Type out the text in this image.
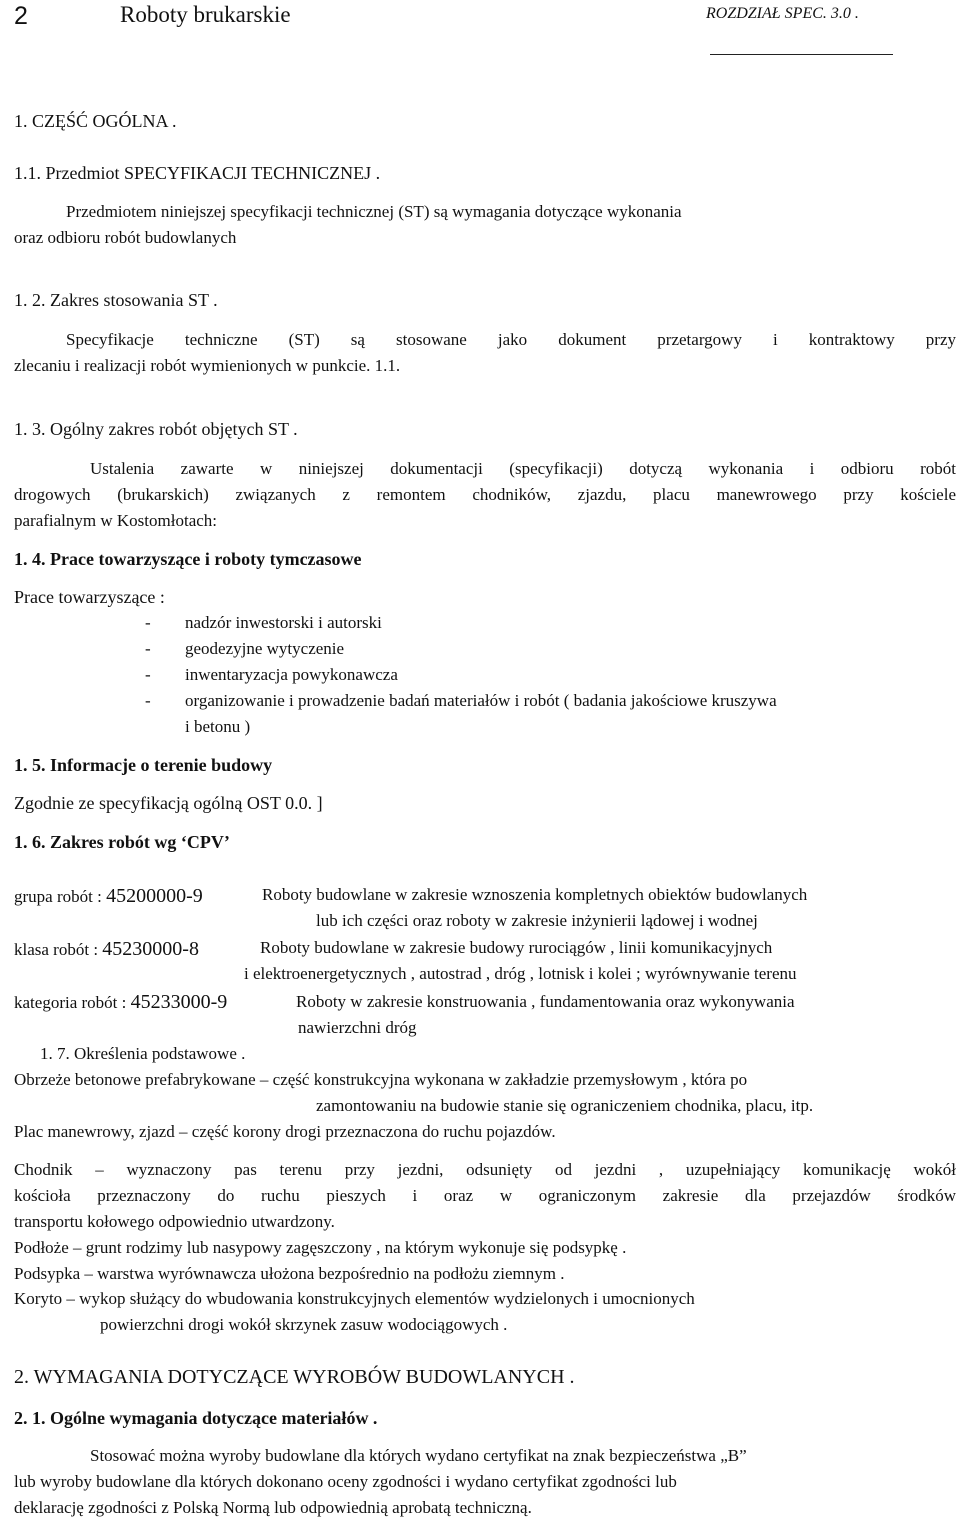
2	Roboty brukarskie	ROZDZIAŁ SPEC. 3.0 .
1. CZĘŚĆ OGÓLNA .
1.1. Przedmiot SPECYFIKACJI TECHNICZNEJ .
Przedmiotem niniejszej specyfikacji technicznej (ST) są wymagania dotyczące wykonania
oraz odbioru robót budowlanych
1. 2. Zakres stosowania ST .
Specyfikacje techniczne (ST) są stosowane jako dokument przetargowy i kontraktowy przy
zlecaniu i realizacji robót wymienionych w punkcie. 1.1.
1. 3. Ogólny zakres robót objętych ST .
Ustalenia zawarte w niniejszej dokumentacji (specyfikacji) dotyczą wykonania i odbioru robót
drogowych (brukarskich) związanych z remontem chodników, zjazdu, placu manewrowego przy kościele
parafialnym w Kostomłotach:
1. 4. Prace towarzyszące i roboty tymczasowe
Prace towarzyszące :
- nadzór inwestorski i autorski
- geodezyjne wytyczenie
- inwentaryzacja powykonawcza
- organizowanie i prowadzenie badań materiałów i robót ( badania jakościowe kruszywa
i betonu )
1. 5. Informacje o terenie budowy
Zgodnie ze specyfikacją ogólną OST 0.0. ]
1. 6. Zakres robót wg ‘CPV’
grupa robót : 45200000-9	Roboty budowlane w zakresie wznoszenia kompletnych obiektów budowlanych
lub ich części oraz roboty w zakresie inżynierii lądowej i wodnej
klasa robót : 45230000-8	Roboty budowlane w zakresie budowy rurociągów , linii komunikacyjnych
i elektroenergetycznych , autostrad , dróg , lotnisk i kolei ; wyrównywanie terenu
kategoria robót : 45233000-9	Roboty w zakresie konstruowania , fundamentowania oraz wykonywania
nawierzchni dróg
1. 7. Określenia podstawowe .
Obrzeże betonowe prefabrykowane – część konstrukcyjna wykonana w zakładzie przemysłowym , która po
zamontowaniu na budowie stanie się ograniczeniem chodnika, placu, itp.
Plac manewrowy, zjazd – część korony drogi przeznaczona do ruchu pojazdów.
Chodnik – wyznaczony pas terenu przy jezdni, odsunięty od jezdni , uzupełniający komunikację wokół
kościoła przeznaczony do ruchu pieszych i oraz w ograniczonym zakresie dla przejazdów środków
transportu kołowego odpowiednio utwardzony.
Podłoże – grunt rodzimy lub nasypowy zagęszczony , na którym wykonuje się podsypkę .
Podsypka – warstwa wyrównawcza ułożona bezpośrednio na podłożu ziemnym .
Koryto – wykop służący do wbudowania konstrukcyjnych elementów wydzielonych i umocnionych
powierzchni drogi wokół skrzynek zasuw wodociągowych .
2. WYMAGANIA DOTYCZĄCE WYROBÓW BUDOWLANYCH .
2. 1. Ogólne wymagania dotyczące materiałów .
Stosować można wyroby budowlane dla których wydano certyfikat na znak bezpieczeństwa „B”
lub wyroby budowlane dla których dokonano oceny zgodności i wydano certyfikat zgodności lub
deklarację zgodności z Polską Normą lub odpowiednią aprobatą techniczną.
